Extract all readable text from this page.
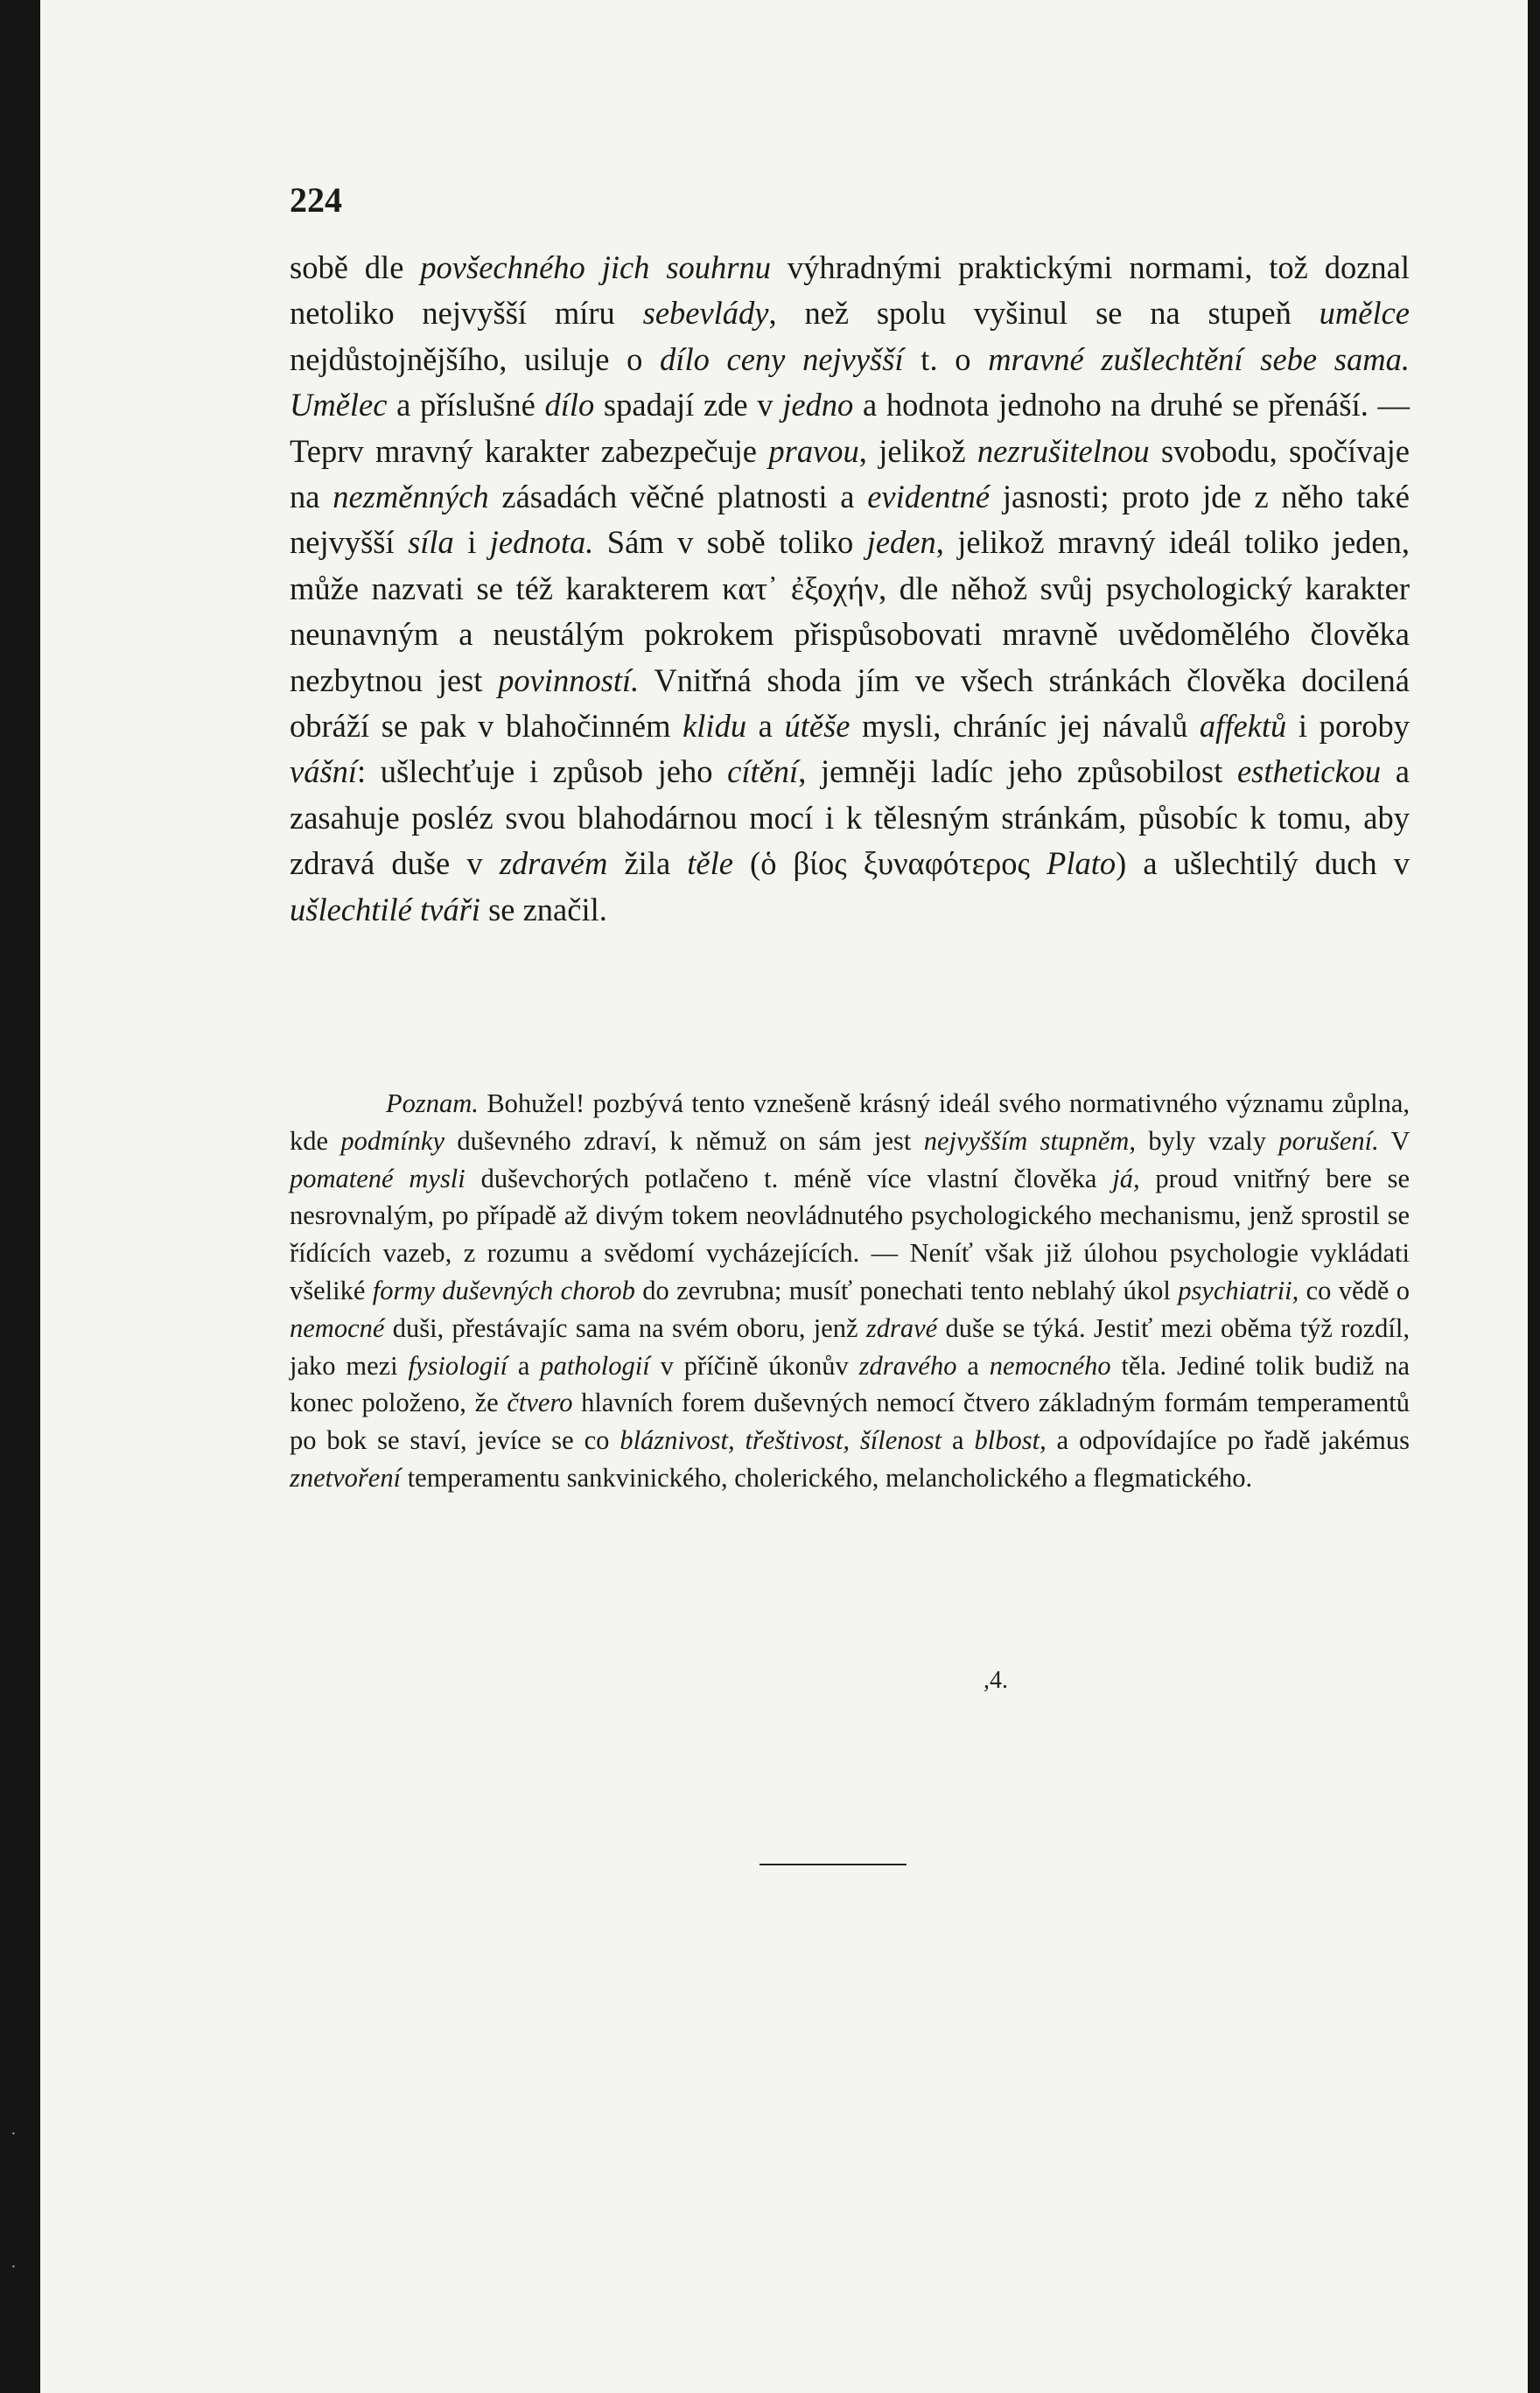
224

sobě dle povšechného jich souhrnu výhradnými praktickými normami, tož doznal netoliko nejvyšší míru sebevlády, než spolu vyšinul se na stupeň umělce nejdůstojnějšího, usiluje o dílo ceny nejvyšší t. o mravné zušlechtění sebe sama. Umělec a příslušné dílo spadají zde v jedno a hodnota jednoho na druhé se přenáší. — Teprv mravný karakter zabezpečuje pravou, jelikož nezrušitelnou svobodu, spočívaje na nezměnných zásadách věčné platnosti a evidentné jasnosti; proto jde z něho také nejvyšší síla i jednota. Sám v sobě toliko jeden, jelikož mravný ideál toliko jeden, může nazvati se též karakterem κατ᾽ ἐξοχήν, dle něhož svůj psychologický karakter neunavným a neustálým pokrokem přispůsobovati mravně uvědomělého člověka nezbytnou jest povinností. Vnitřná shoda jím ve všech stránkách člověka docilená obráží se pak v blahočinném klidu a útěše mysli, chráníc jej návalů affektů i poroby vášní: ušlechťuje i způsob jeho cítění, jemněji ladíc jeho způsobilost esthetickou a zasahuje posléz svou blahodárnou mocí i k tělesným stránkám, působíc k tomu, aby zdravá duše v zdravém žila těle (ὁ βίος ξυναφότερος Plato) a ušlechtilý duch v ušlechtilé tváři se značil.

Poznam. Bohužel! pozbývá tento vznešeně krásný ideál svého normativného významu zůplna, kde podmínky duševného zdraví, k němuž on sám jest nejvyšším stupněm, byly vzaly porušení. V pomatené mysli duševchorých potlačeno t. méně více vlastní člověka já, proud vnitřný bere se nesrovnalým, po případě až divým tokem neovládnutého psychologického mechanismu, jenž sprostil se řídících vazeb, z rozumu a svědomí vycházejících. — Neníť však již úlohou psychologie vykládati všeliké formy duševných chorob do zevrubna; musíť ponechati tento neblahý úkol psychiatrii, co vědě o nemocné duši, přestávajíc sama na svém oboru, jenž zdravé duše se týká. Jestiť mezi oběma týž rozdíl, jako mezi fysiologií a pathologií v příčině úkonův zdravého a nemocného těla. Jediné tolik budiž na konec položeno, že čtvero hlavních forem duševných nemocí čtvero základným formám temperamentů po bok se staví, jevíce se co bláznivost, třeštivost, šílenost a blbost, a odpovídajíce po řadě jakémus znetvoření temperamentu sankvinického, cholerického, melancholického a flegmatického.

,4.
·
·
